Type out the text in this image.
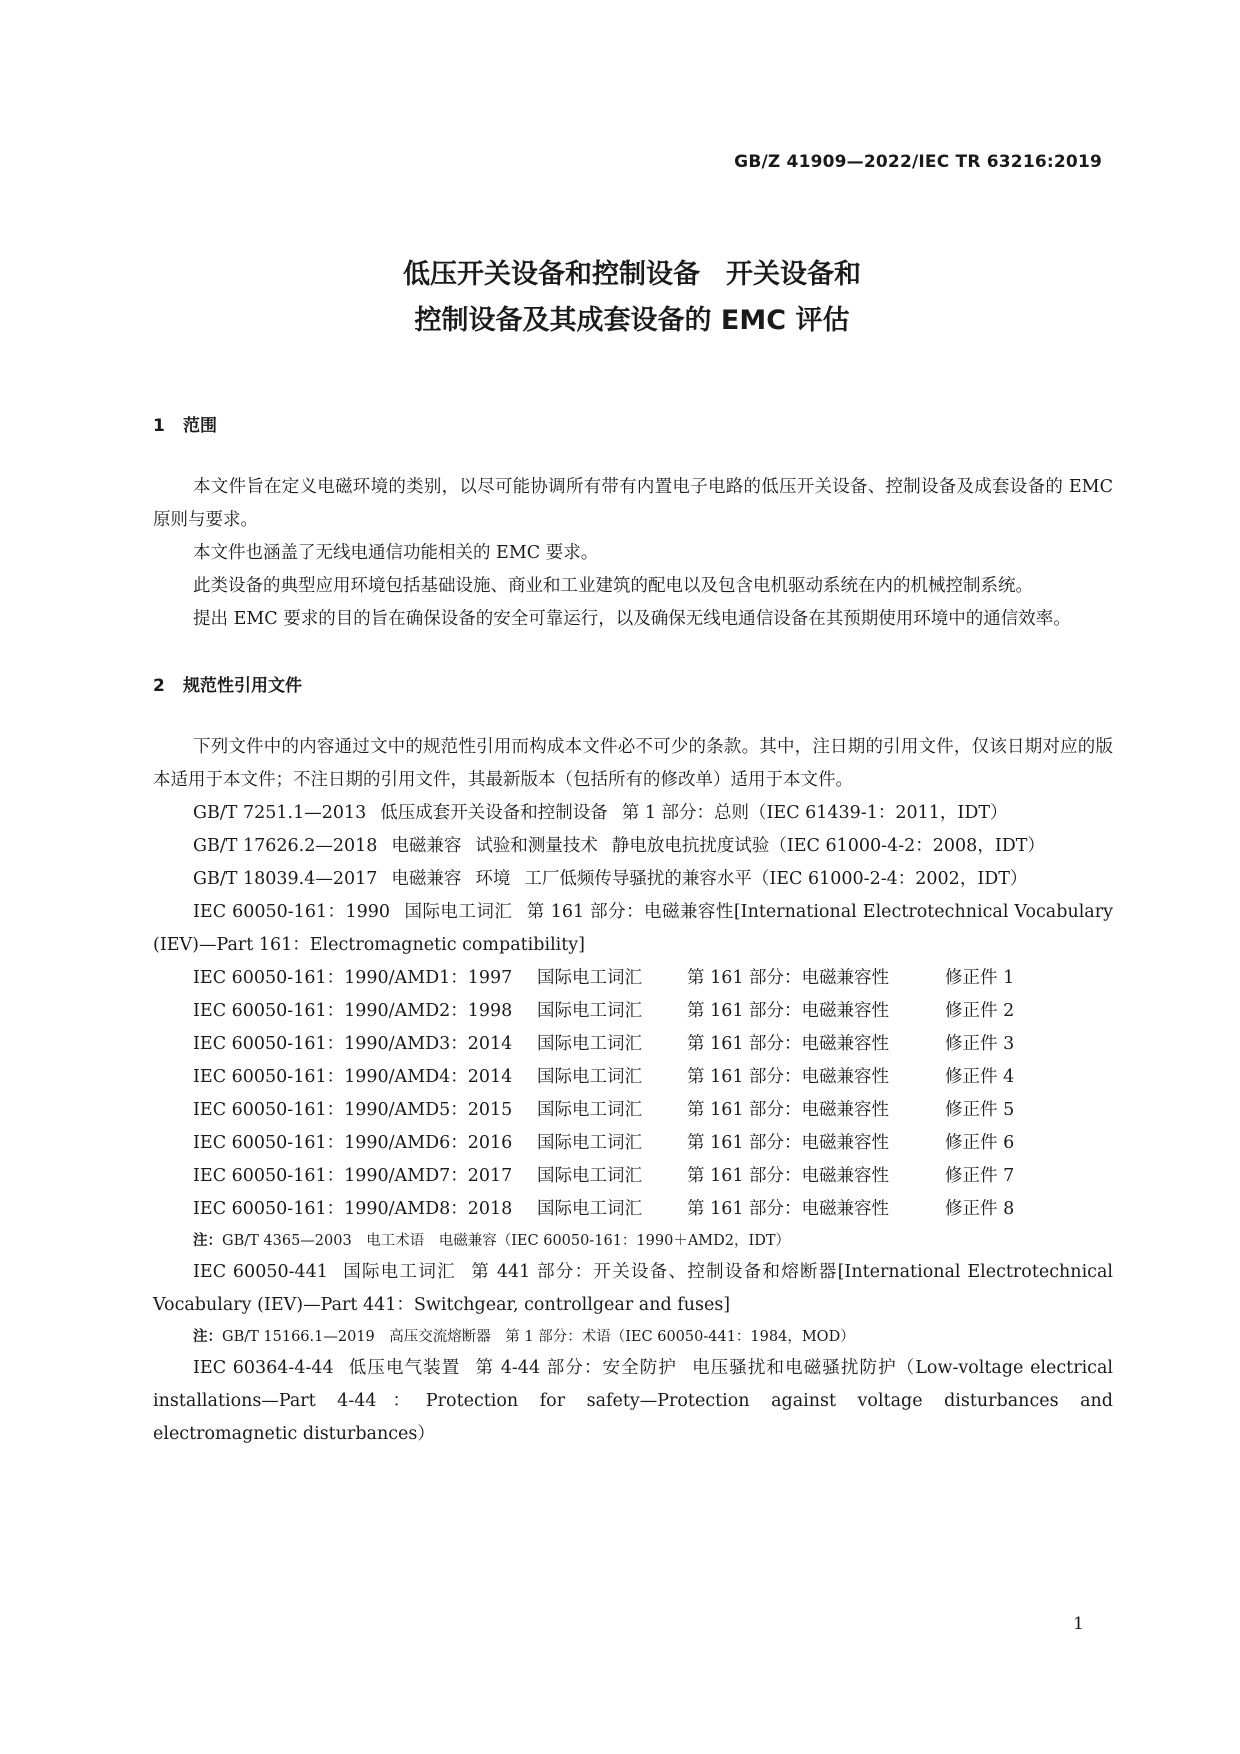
GB/Z 41909—2022/IEC TR 63216:2019
低压开关设备和控制设备 开关设备和
控制设备及其成套设备的 EMC 评估

1 范围

本文件旨在定义电磁环境的类别，以尽可能协调所有带有内置电子电路的低压开关设备、控制设备及成套设备的 EMC 原则与要求。

本文件也涵盖了无线电通信功能相关的 EMC 要求。

此类设备的典型应用环境包括基础设施、商业和工业建筑的配电以及包含电机驱动系统在内的机械控制系统。

提出 EMC 要求的目的旨在确保设备的安全可靠运行，以及确保无线电通信设备在其预期使用环境中的通信效率。

2 规范性引用文件

下列文件中的内容通过文中的规范性引用而构成本文件必不可少的条款。其中，注日期的引用文件，仅该日期对应的版本适用于本文件；不注日期的引用文件，其最新版本（包括所有的修改单）适用于本文件。

GB/T 7251.1—2013 低压成套开关设备和控制设备 第 1 部分：总则（IEC 61439-1：2011，IDT）

GB/T 17626.2—2018 电磁兼容 试验和测量技术 静电放电抗扰度试验（IEC 61000-4-2：2008，IDT）

GB/T 18039.4—2017 电磁兼容 环境 工厂低频传导骚扰的兼容水平（IEC 61000-2-4：2002，IDT）

IEC 60050-161：1990 国际电工词汇 第 161 部分：电磁兼容性[International Electrotechnical Vocabulary (IEV)—Part 161：Electromagnetic compatibility]

IEC 60050-161：1990/AMD1：1997	国际电工词汇	第 161 部分：电磁兼容性	修正件 1

IEC 60050-161：1990/AMD2：1998	国际电工词汇	第 161 部分：电磁兼容性	修正件 2

IEC 60050-161：1990/AMD3：2014	国际电工词汇	第 161 部分：电磁兼容性	修正件 3

IEC 60050-161：1990/AMD4：2014	国际电工词汇	第 161 部分：电磁兼容性	修正件 4

IEC 60050-161：1990/AMD5：2015	国际电工词汇	第 161 部分：电磁兼容性	修正件 5

IEC 60050-161：1990/AMD6：2016	国际电工词汇	第 161 部分：电磁兼容性	修正件 6

IEC 60050-161：1990/AMD7：2017	国际电工词汇	第 161 部分：电磁兼容性	修正件 7

IEC 60050-161：1990/AMD8：2018	国际电工词汇	第 161 部分：电磁兼容性	修正件 8

注：GB/T 4365—2003　电工术语　电磁兼容（IEC 60050-161：1990＋AMD2，IDT）

IEC 60050-441 国际电工词汇 第 441 部分：开关设备、控制设备和熔断器[International Electrotechnical Vocabulary (IEV)—Part 441：Switchgear, controllgear and fuses]

注：GB/T 15166.1—2019　高压交流熔断器　第 1 部分：术语（IEC 60050-441：1984，MOD）

IEC 60364-4-44 低压电气装置 第 4-44 部分：安全防护 电压骚扰和电磁骚扰防护（Low-voltage electrical installations—Part 4-44：Protection for safety—Protection against voltage disturbances and electromagnetic disturbances）

1
